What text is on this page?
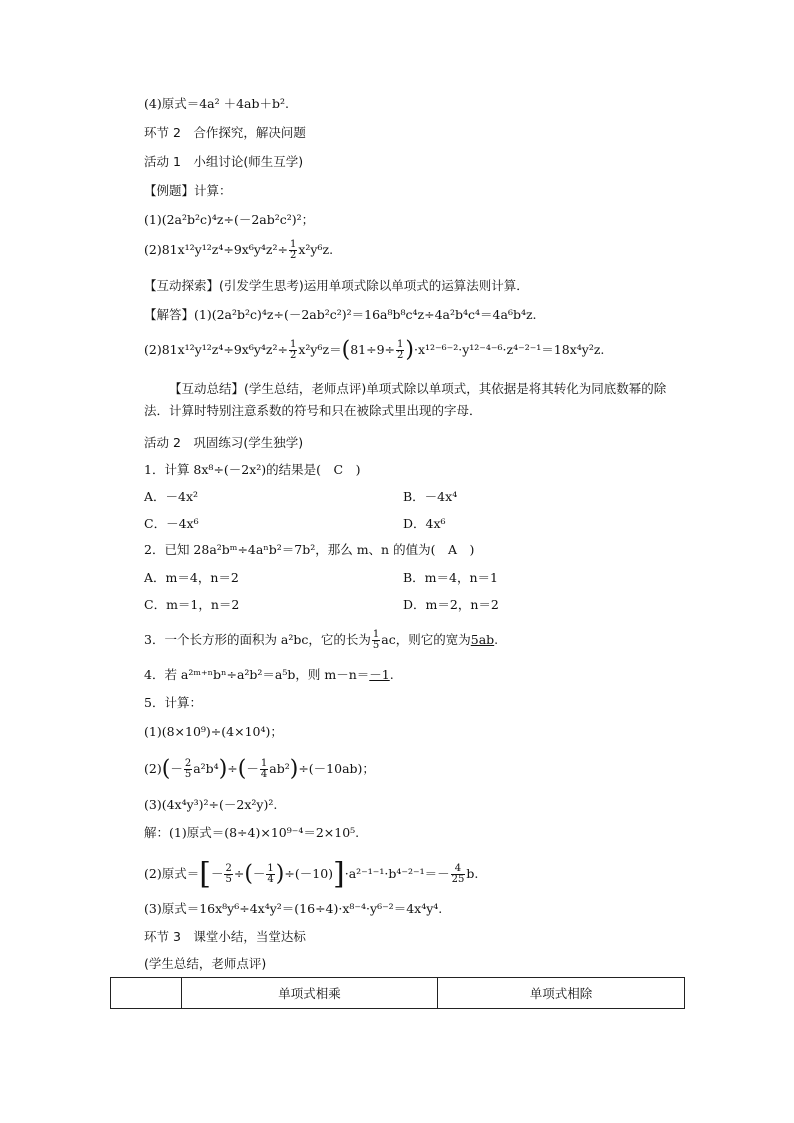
(4)原式＝4a² ＋4ab＋b².
环节 2　合作探究，解决问题
活动 1　小组讨论(师生互学)
【例题】计算：
(1)(2a²b²c)⁴z÷(－2ab²c²)²；
$(2)81x^{12}y^{12}z^4\div 9x^6y^4z^2\div \frac{1}{2} x^2y^6z$.
【互动探索】(引发学生思考)运用单项式除以单项式的运算法则计算．
【解答】(1)(2a²b²c)⁴z÷(－2ab²c²)²＝16a⁸b⁸c⁴z÷4a²b⁴c⁴＝4a⁶b⁴z.
$(2)81x^{12}y^{12}z^4\div 9x^6y^4z^2\div \frac{1}{2} x^2y^6z=(81\div 9\div \frac{1}{2} )\cdot x^{12-6-2}\cdot y^{12-4-6}\cdot z^{4-2-1}=18x^4y^2z$.
【互动总结】(学生总结，老师点评)单项式除以单项式，其依据是将其转化为同底数幂的除法．计算时特别注意系数的符号和只在被除式里出现的字母．
活动 2　巩固练习(学生独学)
1．计算 8x⁸÷(－2x²)的结果是(　C　)
A．－4x²	B．－4x⁴
C．－4x⁶	D．4x⁶
2．已知 28a²bᵐ÷4aⁿb²＝7b²，那么 m、n 的值为(　A　)
A．m＝4，n＝2	B．m＝4，n＝1
C．m＝1，n＝2	D．m＝2，n＝2
3．一个长方形的面积为 a²bc，它的长为 $\frac{1}{5}$ ac，则它的宽为5ab.
4．若 a²ᵐ⁺ⁿbⁿ÷a²b²＝a⁵b，则 m－n＝－1.
5．计算：
(1)(8×10⁹)÷(4×10⁴)；
$(2)(- \frac{2}{5} a^2b^4)\div(- \frac{1}{4} ab^2)\div(-10ab)$；
(3)(4x⁴y³)²÷(－2x²y)².
解：(1)原式＝(8÷4)×10⁹⁻⁴＝2×10⁵.
(2)原式＝[－ $\frac{2}{5}$ ÷(－ $\frac{1}{4} )\div(-10)]\cdot a^{2-1-1}\cdot b^{4-2-1}=- \frac{4}{25} b$.
(3)原式＝16x⁸y⁶÷4x⁴y²＝(16÷4)·x⁸⁻⁴·y⁶⁻²＝4x⁴y⁴.
环节 3　课堂小结，当堂达标
(学生总结，老师点评)
	单项式相乘	单项式相除
